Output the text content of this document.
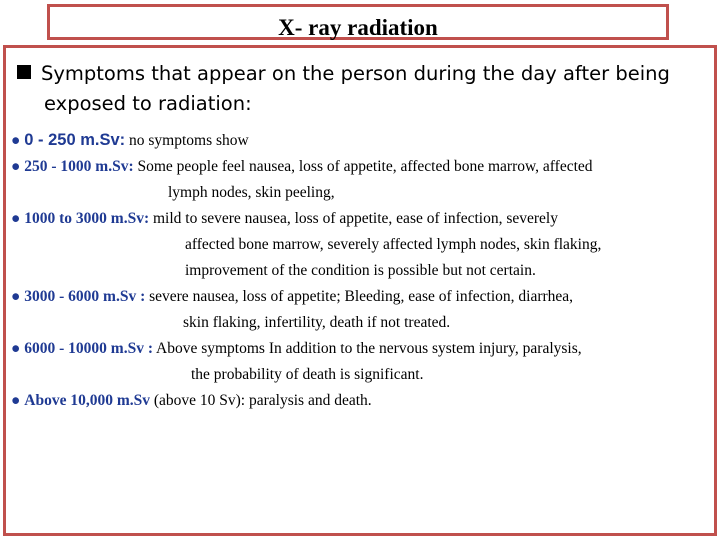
X- ray radiation
Symptoms that appear on the person during the day after being
exposed to radiation:
● 0 - 250 m.Sv: no symptoms show
● 250 - 1000 m.Sv: Some people feel nausea, loss of appetite, affected bone marrow, affected
lymph nodes, skin peeling,
● 1000 to 3000 m.Sv: mild to severe nausea, loss of appetite, ease of infection, severely
affected bone marrow, severely affected lymph nodes, skin flaking,
improvement of the condition is possible but not certain.
● 3000 - 6000 m.Sv : severe nausea, loss of appetite; Bleeding, ease of infection, diarrhea,
skin flaking, infertility, death if not treated.
● 6000 - 10000 m.Sv : Above symptoms In addition to the nervous system injury, paralysis,
the probability of death is significant.
● Above 10,000 m.Sv (above 10 Sv): paralysis and death.
